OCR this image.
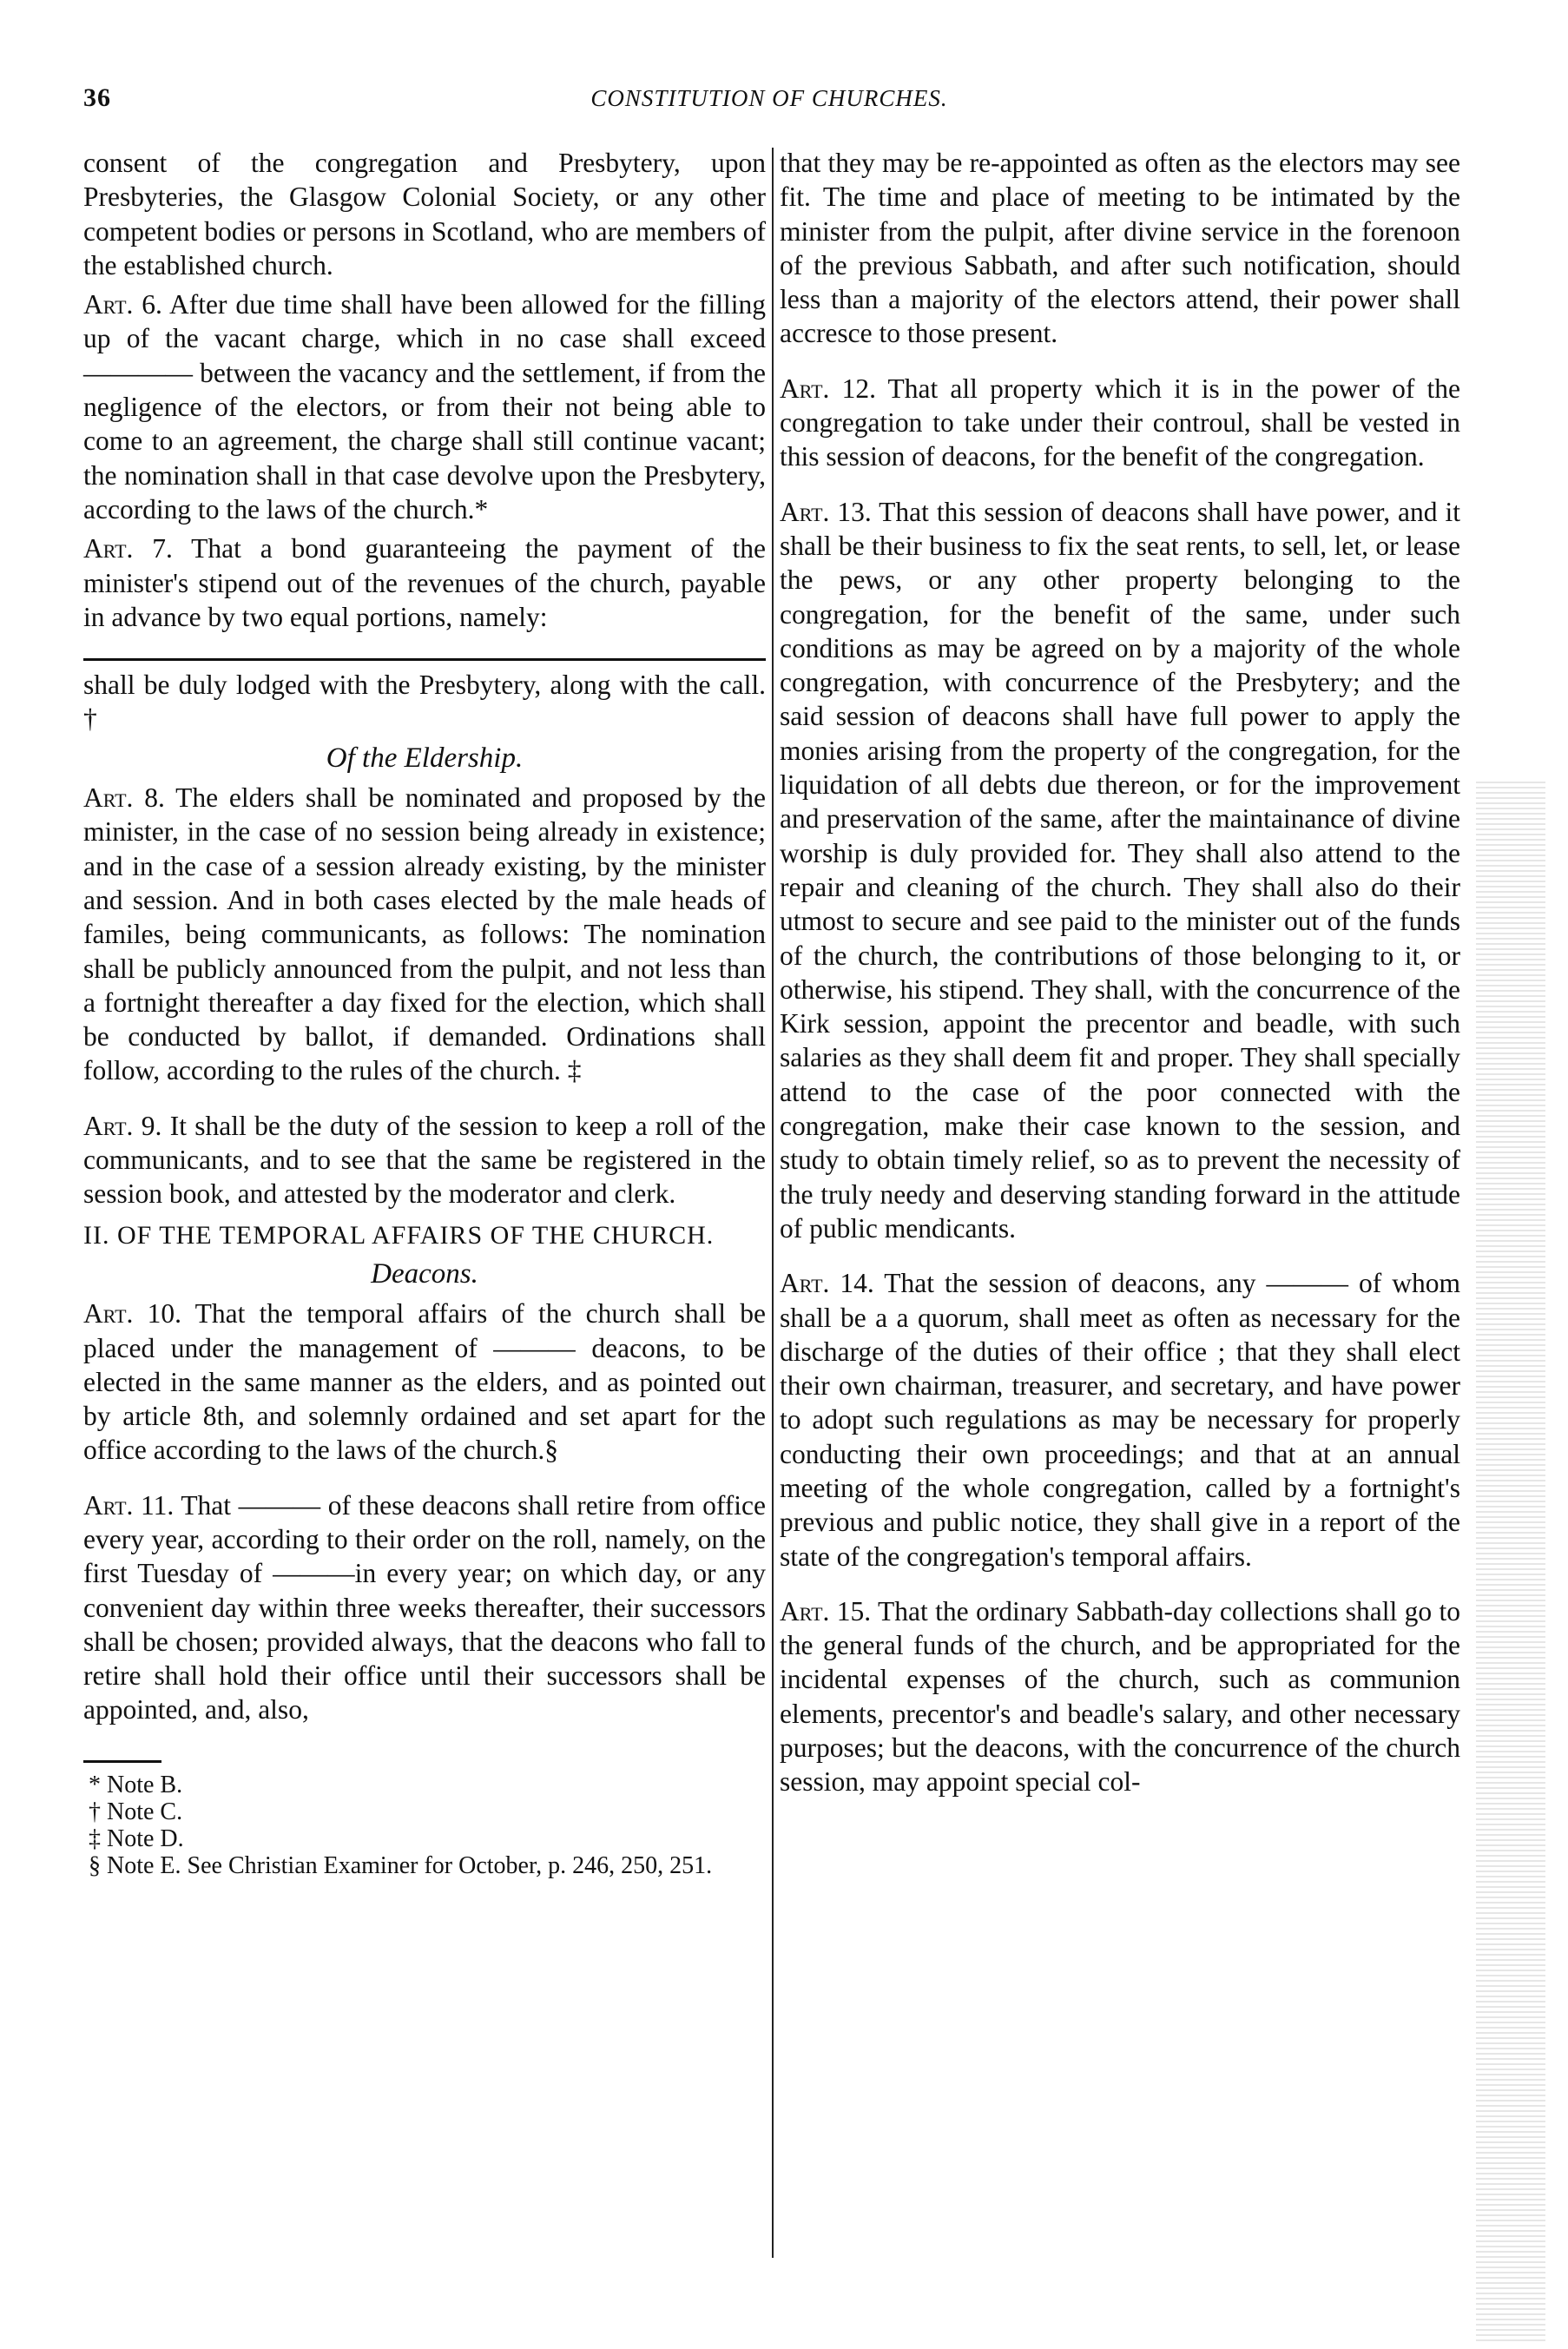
36	CONSTITUTION OF CHURCHES.

consent of the congregation and Presbytery, upon Presbyteries, the Glasgow Colonial Society, or any other competent bodies or persons in Scotland, who are members of the established church.

Art. 6. After due time shall have been allowed for the filling up of the vacant charge, which in no case shall exceed ———— between the vacancy and the settlement, if from the negligence of the electors, or from their not being able to come to an agreement, the charge shall still continue vacant; the nomination shall in that case devolve upon the Presbytery, according to the laws of the church.*

Art. 7. That a bond guaranteeing the payment of the minister's stipend out of the revenues of the church, payable in advance by two equal portions, namely:

shall be duly lodged with the Presbytery, along with the call. †

Of the Eldership.

Art. 8. The elders shall be nominated and proposed by the minister, in the case of no session being already in existence; and in the case of a session already existing, by the minister and session. And in both cases elected by the male heads of familes, being communicants, as follows: The nomination shall be publicly announced from the pulpit, and not less than a fortnight thereafter a day fixed for the election, which shall be conducted by ballot, if demanded. Ordinations shall follow, according to the rules of the church. ‡

Art. 9. It shall be the duty of the session to keep a roll of the communicants, and to see that the same be registered in the session book, and attested by the moderator and clerk.

II. OF THE TEMPORAL AFFAIRS OF THE CHURCH.
Deacons.

Art. 10. That the temporal affairs of the church shall be placed under the management of ——— deacons, to be elected in the same manner as the elders, and as pointed out by article 8th, and solemnly ordained and set apart for the office according to the laws of the church.§

Art. 11. That ——— of these deacons shall retire from office every year, according to their order on the roll, namely, on the first Tuesday of ———in every year; on which day, or any convenient day within three weeks thereafter, their successors shall be chosen; provided always, that the deacons who fall to retire shall hold their office until their successors shall be appointed, and, also,

* Note B.

† Note C.

‡ Note D.

§ Note E. See Christian Examiner for October, p. 246, 250, 251.

that they may be re-appointed as often as the electors may see fit. The time and place of meeting to be intimated by the minister from the pulpit, after divine service in the forenoon of the previous Sabbath, and after such notification, should less than a majority of the electors attend, their power shall accresce to those present.

Art. 12. That all property which it is in the power of the congregation to take under their controul, shall be vested in this session of deacons, for the benefit of the congregation.

Art. 13. That this session of deacons shall have power, and it shall be their business to fix the seat rents, to sell, let, or lease the pews, or any other property belonging to the congregation, for the benefit of the same, under such conditions as may be agreed on by a majority of the whole congregation, with concurrence of the Presbytery; and the said session of deacons shall have full power to apply the monies arising from the property of the congregation, for the liquidation of all debts due thereon, or for the improvement and preservation of the same, after the maintainance of divine worship is duly provided for. They shall also attend to the repair and cleaning of the church. They shall also do their utmost to secure and see paid to the minister out of the funds of the church, the contributions of those belonging to it, or otherwise, his stipend. They shall, with the concurrence of the Kirk session, appoint the precentor and beadle, with such salaries as they shall deem fit and proper. They shall specially attend to the case of the poor connected with the congregation, make their case known to the session, and study to obtain timely relief, so as to prevent the necessity of the truly needy and deserving standing forward in the attitude of public mendicants.

Art. 14. That the session of deacons, any ——— of whom shall be a a quorum, shall meet as often as necessary for the discharge of the duties of their office ; that they shall elect their own chairman, treasurer, and secretary, and have power to adopt such regulations as may be necessary for properly conducting their own proceedings; and that at an annual meeting of the whole congregation, called by a fortnight's previous and public notice, they shall give in a report of the state of the congregation's temporal affairs.

Art. 15. That the ordinary Sabbath-day collections shall go to the general funds of the church, and be appropriated for the incidental expenses of the church, such as communion elements, precentor's and beadle's salary, and other necessary purposes; but the deacons, with the concurrence of the church session, may appoint special col-
